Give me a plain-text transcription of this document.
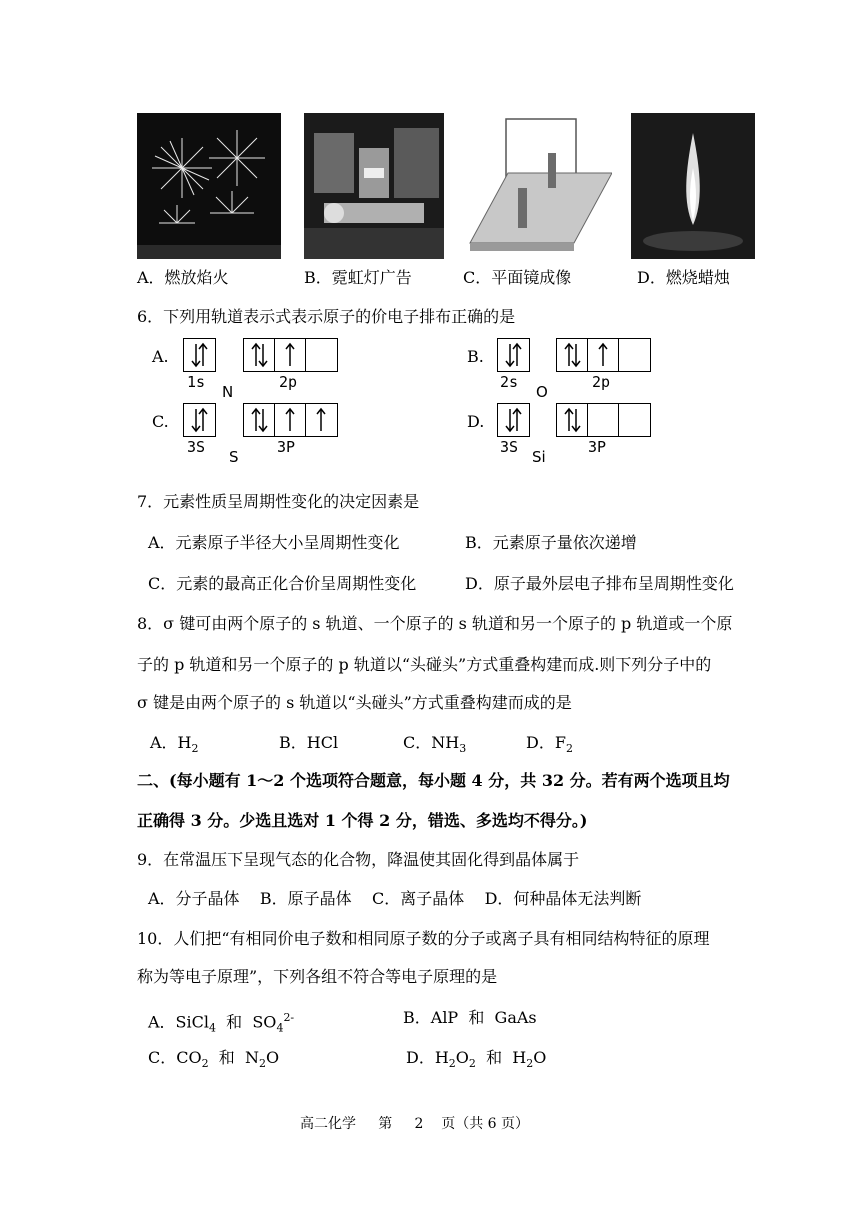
A．燃放焰火	B．霓虹灯广告	C．平面镜成像	D．燃烧蜡烛
6．下列用轨道表示式表示原子的价电子排布正确的是
A.
1s
N
2p
B.
2s
O
2p
C.
3S
S
3P
D.
3S
Si
3P
7．元素性质呈周期性变化的决定因素是
A．元素原子半径大小呈周期性变化	B．元素原子量依次递增
C．元素的最高正化合价呈周期性变化	D．原子最外层电子排布呈周期性变化
8．σ 键可由两个原子的 s 轨道、一个原子的 s 轨道和另一个原子的 p 轨道或一个原
子的 p 轨道和另一个原子的 p 轨道以“头碰头”方式重叠构建而成.则下列分子中的
σ 键是由两个原子的 s 轨道以“头碰头”方式重叠构建而成的是
A．$H_2$	B．HCl	C．$NH_3$	D．$F_2$
二、(每小题有 1～2 个选项符合题意，每小题 4 分，共 32 分。若有两个选项且均
正确得 3 分。少选且选对 1 个得 2 分，错选、多选均不得分。)
9．在常温压下呈现气态的化合物，降温使其固化得到晶体属于
A．分子晶体    B．原子晶体    C．离子晶体    D．何种晶体无法判断
10．人们把“有相同价电子数和相同原子数的分子或离子具有相同结构特征的原理
称为等电子原理”，下列各组不符合等电子原理的是
A．SiCl$_4$  和  $SO_4^{2-}$	B．AlP  和  GaAs
C．$CO_2$  和  $N_2O$	D．$H_2O_2$  和  $H_2O$
高二化学     第     2    页（共 6 页）
